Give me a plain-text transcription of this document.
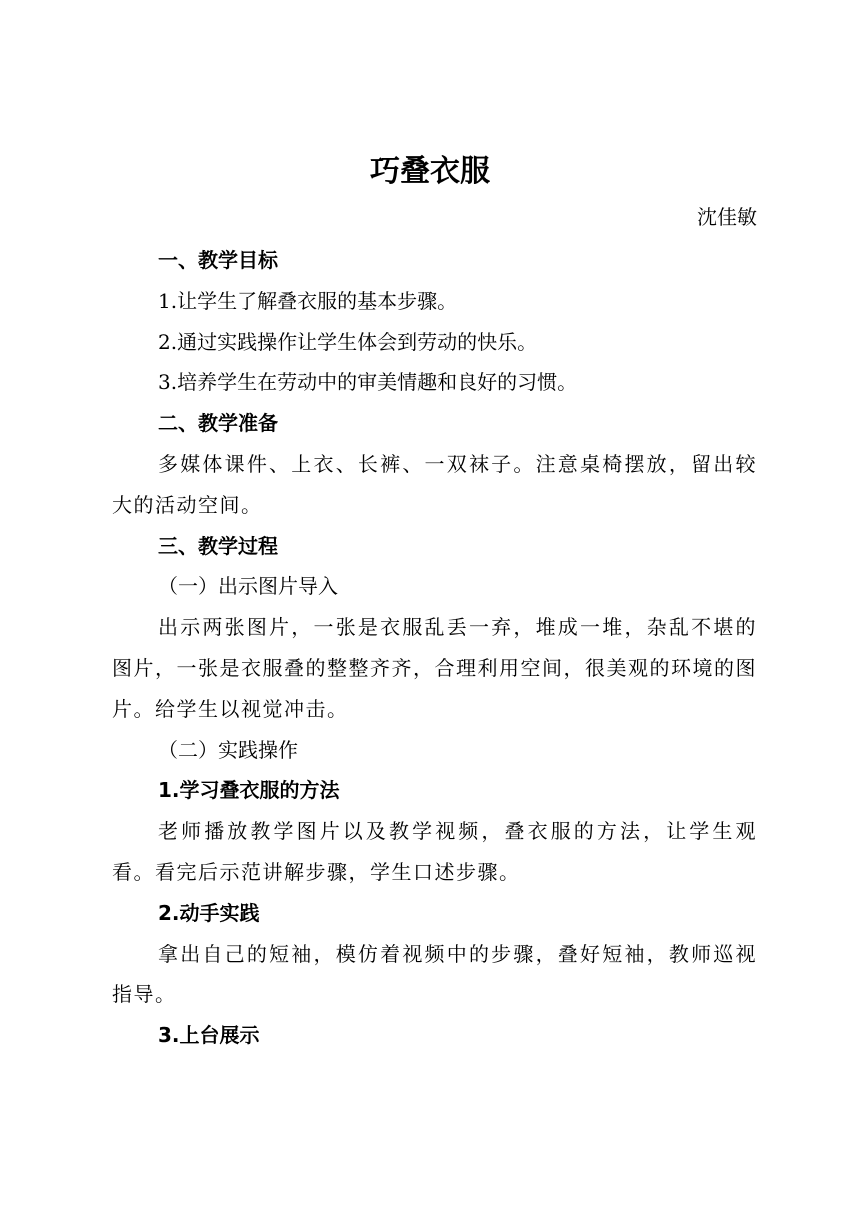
巧叠衣服
沈佳敏

一、教学目标

1.让学生了解叠衣服的基本步骤。

2.通过实践操作让学生体会到劳动的快乐。

3.培养学生在劳动中的审美情趣和良好的习惯。

二、教学准备

多媒体课件、上衣、长裤、一双袜子。注意桌椅摆放，留出较大的活动空间。

三、教学过程

（一）出示图片导入

出示两张图片，一张是衣服乱丢一弃，堆成一堆，杂乱不堪的图片，一张是衣服叠的整整齐齐，合理利用空间，很美观的环境的图片。给学生以视觉冲击。

（二）实践操作

1.学习叠衣服的方法

老师播放教学图片以及教学视频，叠衣服的方法，让学生观看。看完后示范讲解步骤，学生口述步骤。

2.动手实践

拿出自己的短袖，模仿着视频中的步骤，叠好短袖，教师巡视指导。

3.上台展示
